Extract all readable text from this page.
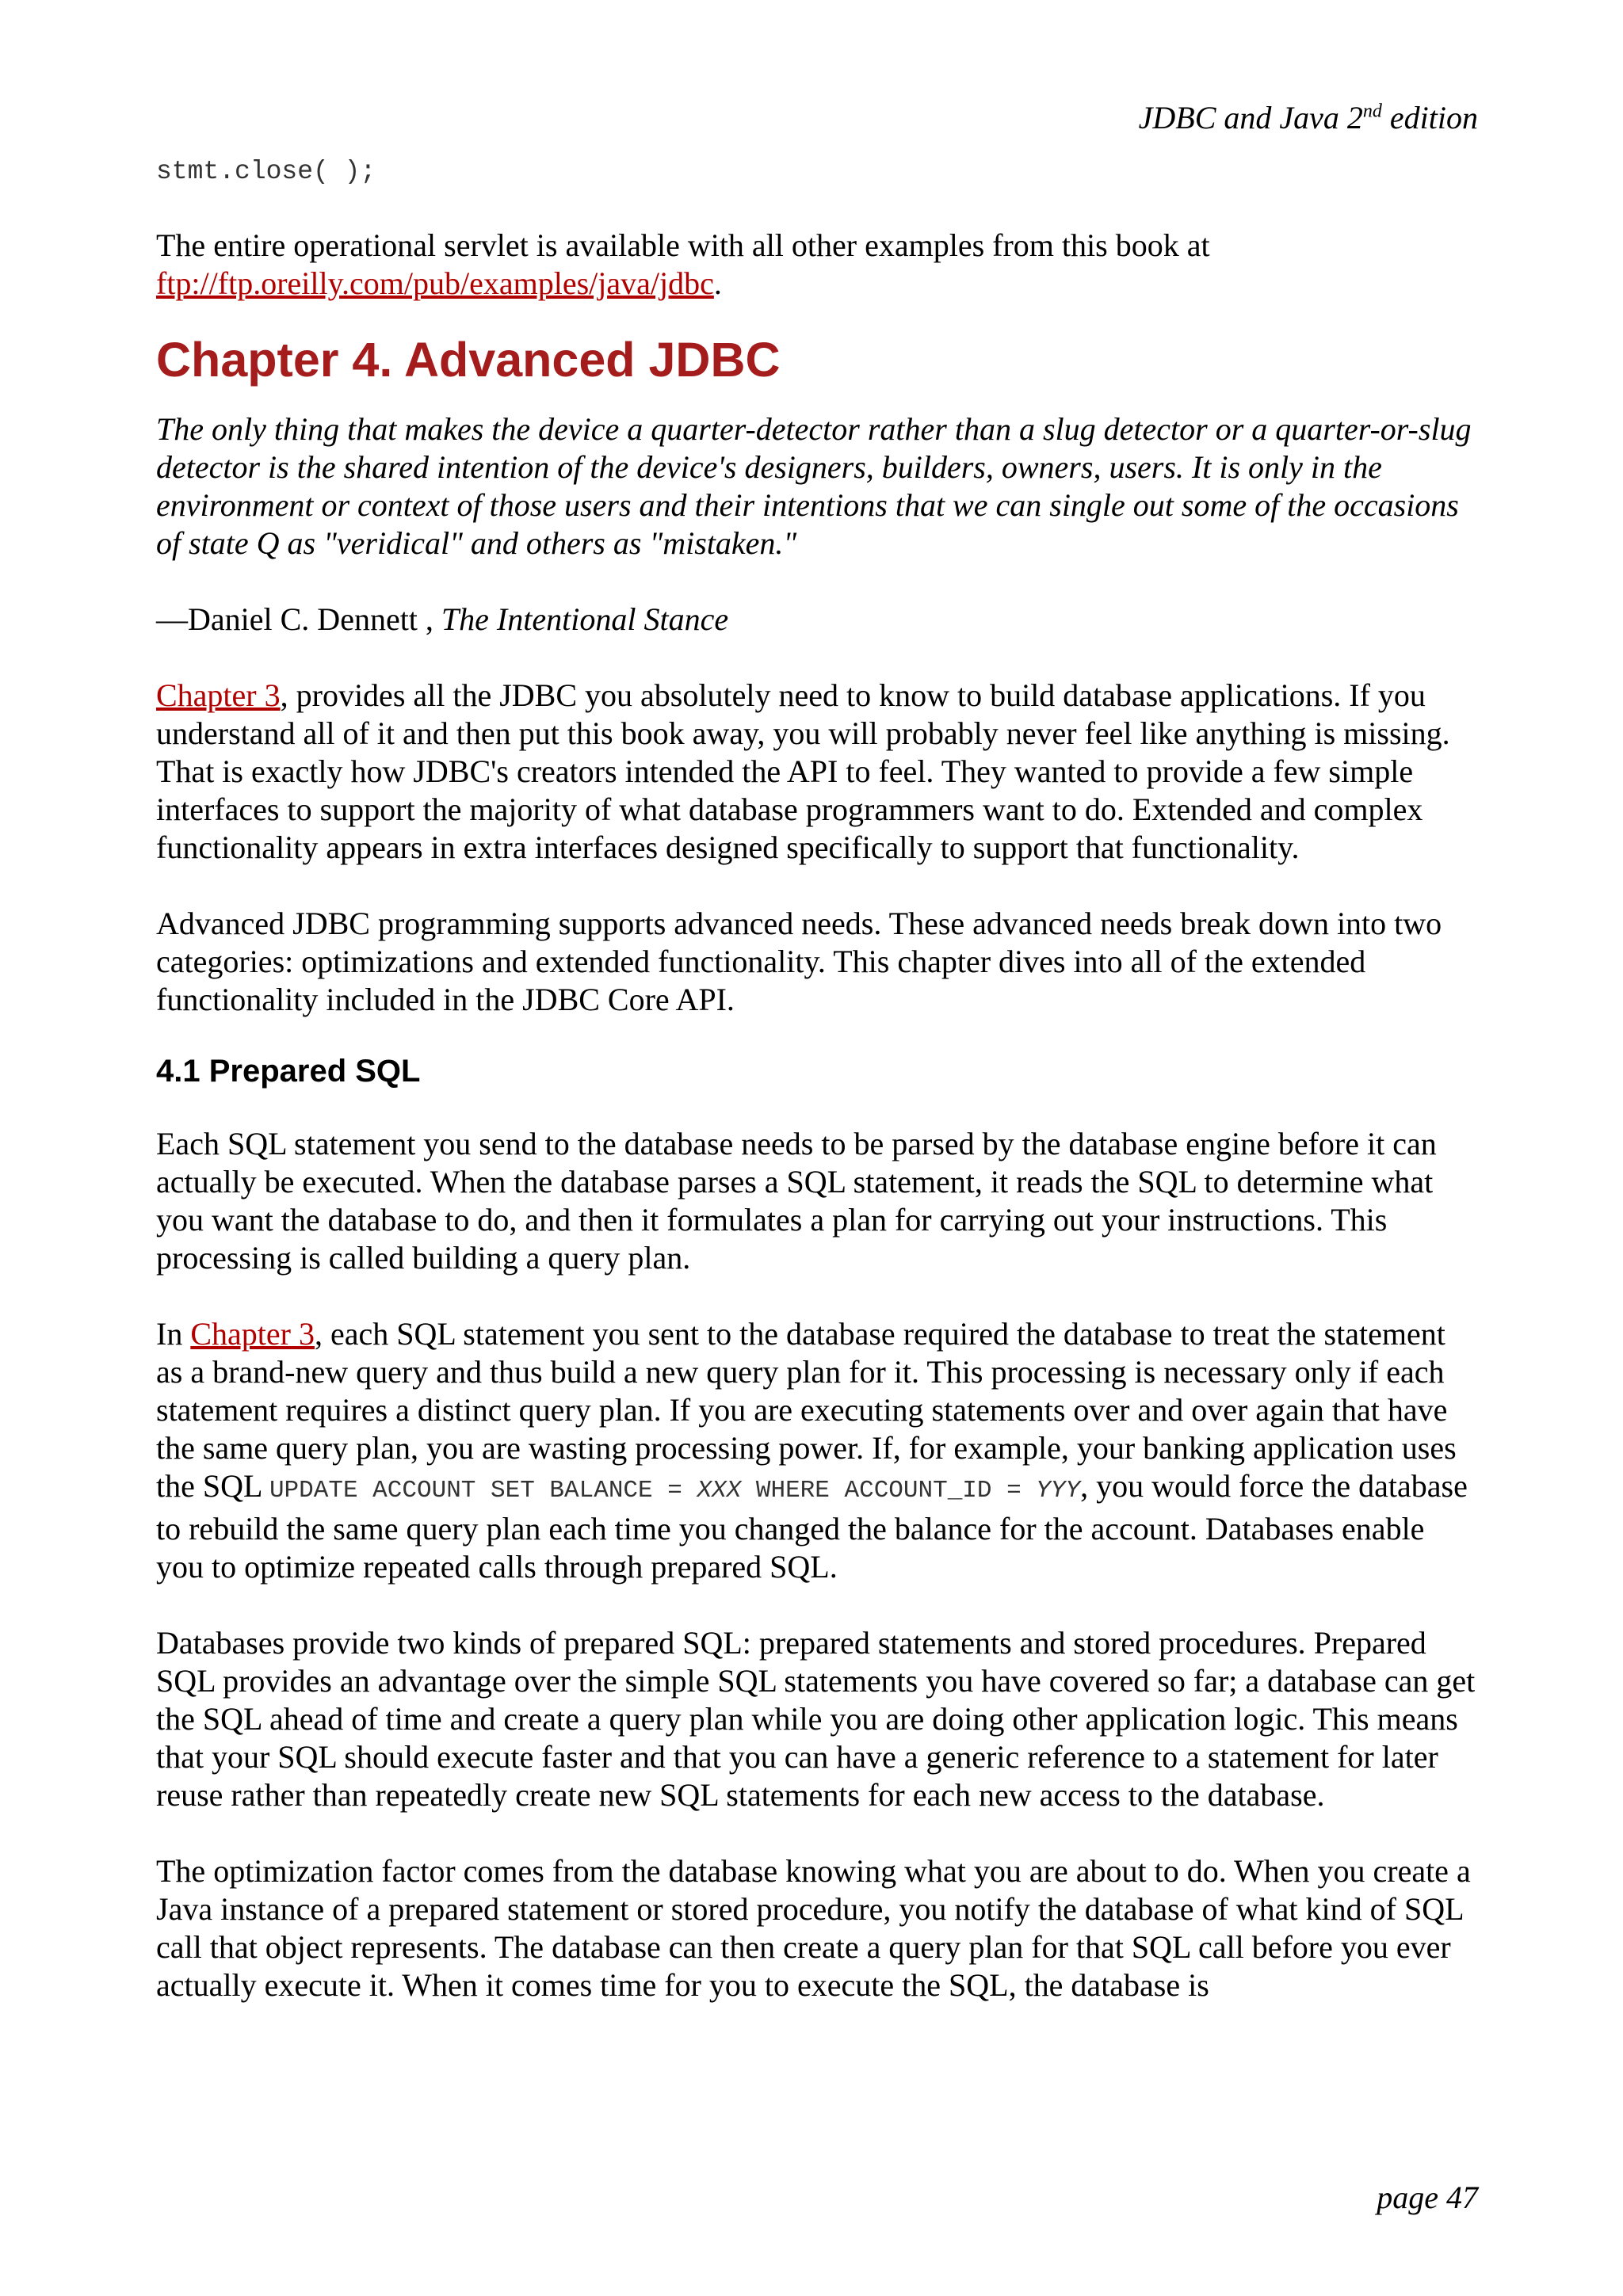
JDBC and Java 2nd edition

stmt.close( );

The entire operational servlet is available with all other examples from this book at
ftp://ftp.oreilly.com/pub/examples/java/jdbc.

Chapter 4. Advanced JDBC

The only thing that makes the device a quarter-detector rather than a slug detector or a quarter-or-slug detector is the shared intention of the device's designers, builders, owners, users. It is only in the environment or context of those users and their intentions that we can single out some of the occasions of state Q as "veridical" and others as "mistaken."

—Daniel C. Dennett , The Intentional Stance

Chapter 3, provides all the JDBC you absolutely need to know to build database applications. If you understand all of it and then put this book away, you will probably never feel like anything is missing. That is exactly how JDBC's creators intended the API to feel. They wanted to provide a few simple interfaces to support the majority of what database programmers want to do. Extended and complex functionality appears in extra interfaces designed specifically to support that functionality.

Advanced JDBC programming supports advanced needs. These advanced needs break down into two categories: optimizations and extended functionality. This chapter dives into all of the extended functionality included in the JDBC Core API.

4.1 Prepared SQL

Each SQL statement you send to the database needs to be parsed by the database engine before it can actually be executed. When the database parses a SQL statement, it reads the SQL to determine what you want the database to do, and then it formulates a plan for carrying out your instructions. This processing is called building a query plan.

In Chapter 3, each SQL statement you sent to the database required the database to treat the statement as a brand-new query and thus build a new query plan for it. This processing is necessary only if each statement requires a distinct query plan. If you are executing statements over and over again that have the same query plan, you are wasting processing power. If, for example, your banking application uses the SQL UPDATE ACCOUNT SET BALANCE = XXX WHERE ACCOUNT_ID = YYY, you would force the database to rebuild the same query plan each time you changed the balance for the account. Databases enable you to optimize repeated calls through prepared SQL.

Databases provide two kinds of prepared SQL: prepared statements and stored procedures. Prepared SQL provides an advantage over the simple SQL statements you have covered so far; a database can get the SQL ahead of time and create a query plan while you are doing other application logic. This means that your SQL should execute faster and that you can have a generic reference to a statement for later reuse rather than repeatedly create new SQL statements for each new access to the database.

The optimization factor comes from the database knowing what you are about to do. When you create a Java instance of a prepared statement or stored procedure, you notify the database of what kind of SQL call that object represents. The database can then create a query plan for that SQL call before you ever actually execute it. When it comes time for you to execute the SQL, the database is

page 47
